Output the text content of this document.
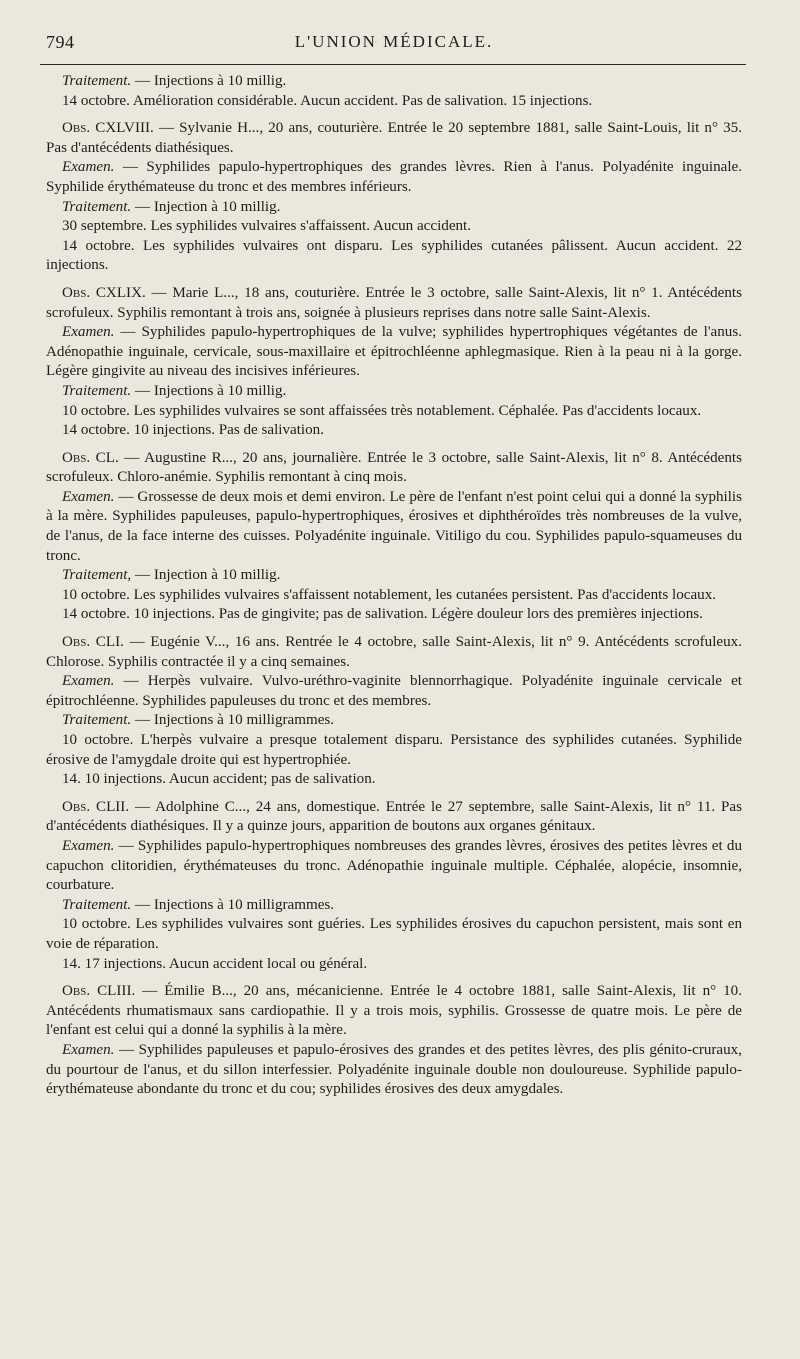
794	L'UNION MÉDICALE.

Traitement. — Injections à 10 millig.

14 octobre. Amélioration considérable. Aucun accident. Pas de salivation. 15 injections.

Obs. CXLVIII. — Sylvanie H..., 20 ans, couturière. Entrée le 20 septembre 1881, salle Saint-Louis, lit n° 35. Pas d'antécédents diathésiques.

Examen. — Syphilides papulo-hypertrophiques des grandes lèvres. Rien à l'anus. Polyadénite inguinale. Syphilide érythémateuse du tronc et des membres inférieurs.

Traitement. — Injection à 10 millig.

30 septembre. Les syphilides vulvaires s'affaissent. Aucun accident.

14 octobre. Les syphilides vulvaires ont disparu. Les syphilides cutanées pâlissent. Aucun accident. 22 injections.

Obs. CXLIX. — Marie L..., 18 ans, couturière. Entrée le 3 octobre, salle Saint-Alexis, lit n° 1. Antécédents scrofuleux. Syphilis remontant à trois ans, soignée à plusieurs reprises dans notre salle Saint-Alexis.

Examen. — Syphilides papulo-hypertrophiques de la vulve; syphilides hypertrophiques végétantes de l'anus. Adénopathie inguinale, cervicale, sous-maxillaire et épitrochléenne aphlegmasique. Rien à la peau ni à la gorge. Légère gingivite au niveau des incisives inférieures.

Traitement. — Injections à 10 millig.

10 octobre. Les syphilides vulvaires se sont affaissées très notablement. Céphalée. Pas d'accidents locaux.

14 octobre. 10 injections. Pas de salivation.

Obs. CL. — Augustine R..., 20 ans, journalière. Entrée le 3 octobre, salle Saint-Alexis, lit n° 8. Antécédents scrofuleux. Chloro-anémie. Syphilis remontant à cinq mois.

Examen. — Grossesse de deux mois et demi environ. Le père de l'enfant n'est point celui qui a donné la syphilis à la mère. Syphilides papuleuses, papulo-hypertrophiques, érosives et diphthéroïdes très nombreuses de la vulve, de l'anus, de la face interne des cuisses. Polyadénite inguinale. Vitiligo du cou. Syphilides papulo-squameuses du tronc.

Traitement, — Injection à 10 millig.

10 octobre. Les syphilides vulvaires s'affaissent notablement, les cutanées persistent. Pas d'accidents locaux.

14 octobre. 10 injections. Pas de gingivite; pas de salivation. Légère douleur lors des premières injections.

Obs. CLI. — Eugénie V..., 16 ans. Rentrée le 4 octobre, salle Saint-Alexis, lit n° 9. Antécédents scrofuleux. Chlorose. Syphilis contractée il y a cinq semaines.

Examen. — Herpès vulvaire. Vulvo-uréthro-vaginite blennorrhagique. Polyadénite inguinale cervicale et épitrochléenne. Syphilides papuleuses du tronc et des membres.

Traitement. — Injections à 10 milligrammes.

10 octobre. L'herpès vulvaire a presque totalement disparu. Persistance des syphilides cutanées. Syphilide érosive de l'amygdale droite qui est hypertrophiée.

14. 10 injections. Aucun accident; pas de salivation.

Obs. CLII. — Adolphine C..., 24 ans, domestique. Entrée le 27 septembre, salle Saint-Alexis, lit n° 11. Pas d'antécédents diathésiques. Il y a quinze jours, apparition de boutons aux organes génitaux.

Examen. — Syphilides papulo-hypertrophiques nombreuses des grandes lèvres, érosives des petites lèvres et du capuchon clitoridien, érythémateuses du tronc. Adénopathie inguinale multiple. Céphalée, alopécie, insomnie, courbature.

Traitement. — Injections à 10 milligrammes.

10 octobre. Les syphilides vulvaires sont guéries. Les syphilides érosives du capuchon persistent, mais sont en voie de réparation.

14. 17 injections. Aucun accident local ou général.

Obs. CLIII. — Émilie B..., 20 ans, mécanicienne. Entrée le 4 octobre 1881, salle Saint-Alexis, lit n° 10. Antécédents rhumatismaux sans cardiopathie. Il y a trois mois, syphilis. Grossesse de quatre mois. Le père de l'enfant est celui qui a donné la syphilis à la mère.

Examen. — Syphilides papuleuses et papulo-érosives des grandes et des petites lèvres, des plis génito-cruraux, du pourtour de l'anus, et du sillon interfessier. Polyadénite inguinale double non douloureuse. Syphilide papulo-érythémateuse abondante du tronc et du cou; syphilides érosives des deux amygdales.
